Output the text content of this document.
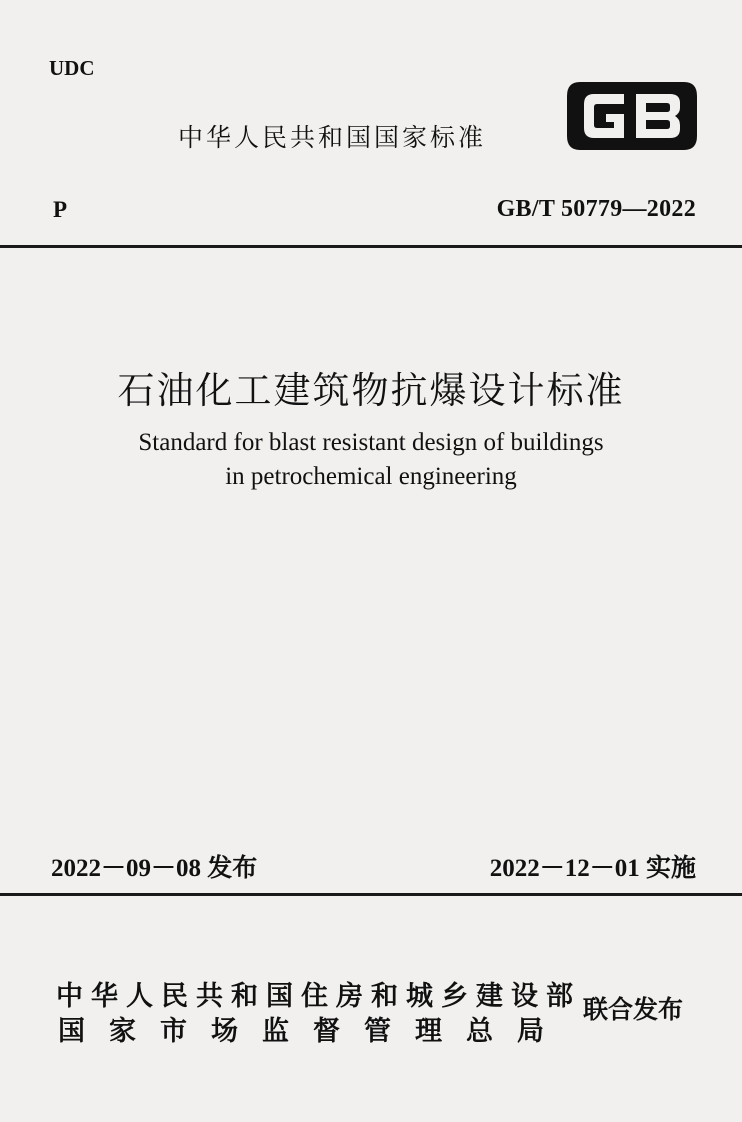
UDC
中华人民共和国国家标准
P	GB/T 50779—2022
石油化工建筑物抗爆设计标准
Standard for blast resistant design of buildings
in petrochemical engineering
2022－09－08 发布	2022－12－01 实施
中华人民共和国住房和城乡建设部
国家市场监督管理总局
联合发布
